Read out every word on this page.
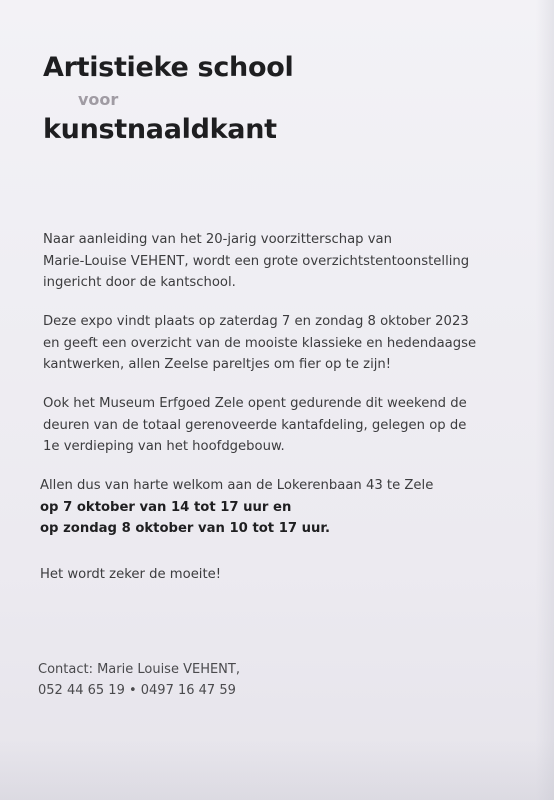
Artistieke school
voor
kunstnaaldkant
Naar aanleiding van het 20-jarig voorzitterschap van
Marie-Louise VEHENT, wordt een grote overzichtstentoonstelling
ingericht door de kantschool.
Deze expo vindt plaats op zaterdag 7 en zondag 8 oktober 2023
en geeft een overzicht van de mooiste klassieke en hedendaagse
kantwerken, allen Zeelse pareltjes om fier op te zijn!
Ook het Museum Erfgoed Zele opent gedurende dit weekend de
deuren van de totaal gerenoveerde kantafdeling, gelegen op de
1e verdieping van het hoofdgebouw.
Allen dus van harte welkom aan de Lokerenbaan 43 te Zele
op 7 oktober van 14 tot 17 uur en
op zondag 8 oktober van 10 tot 17 uur.
Het wordt zeker de moeite!
Contact: Marie Louise VEHENT,
052 44 65 19 • 0497 16 47 59
